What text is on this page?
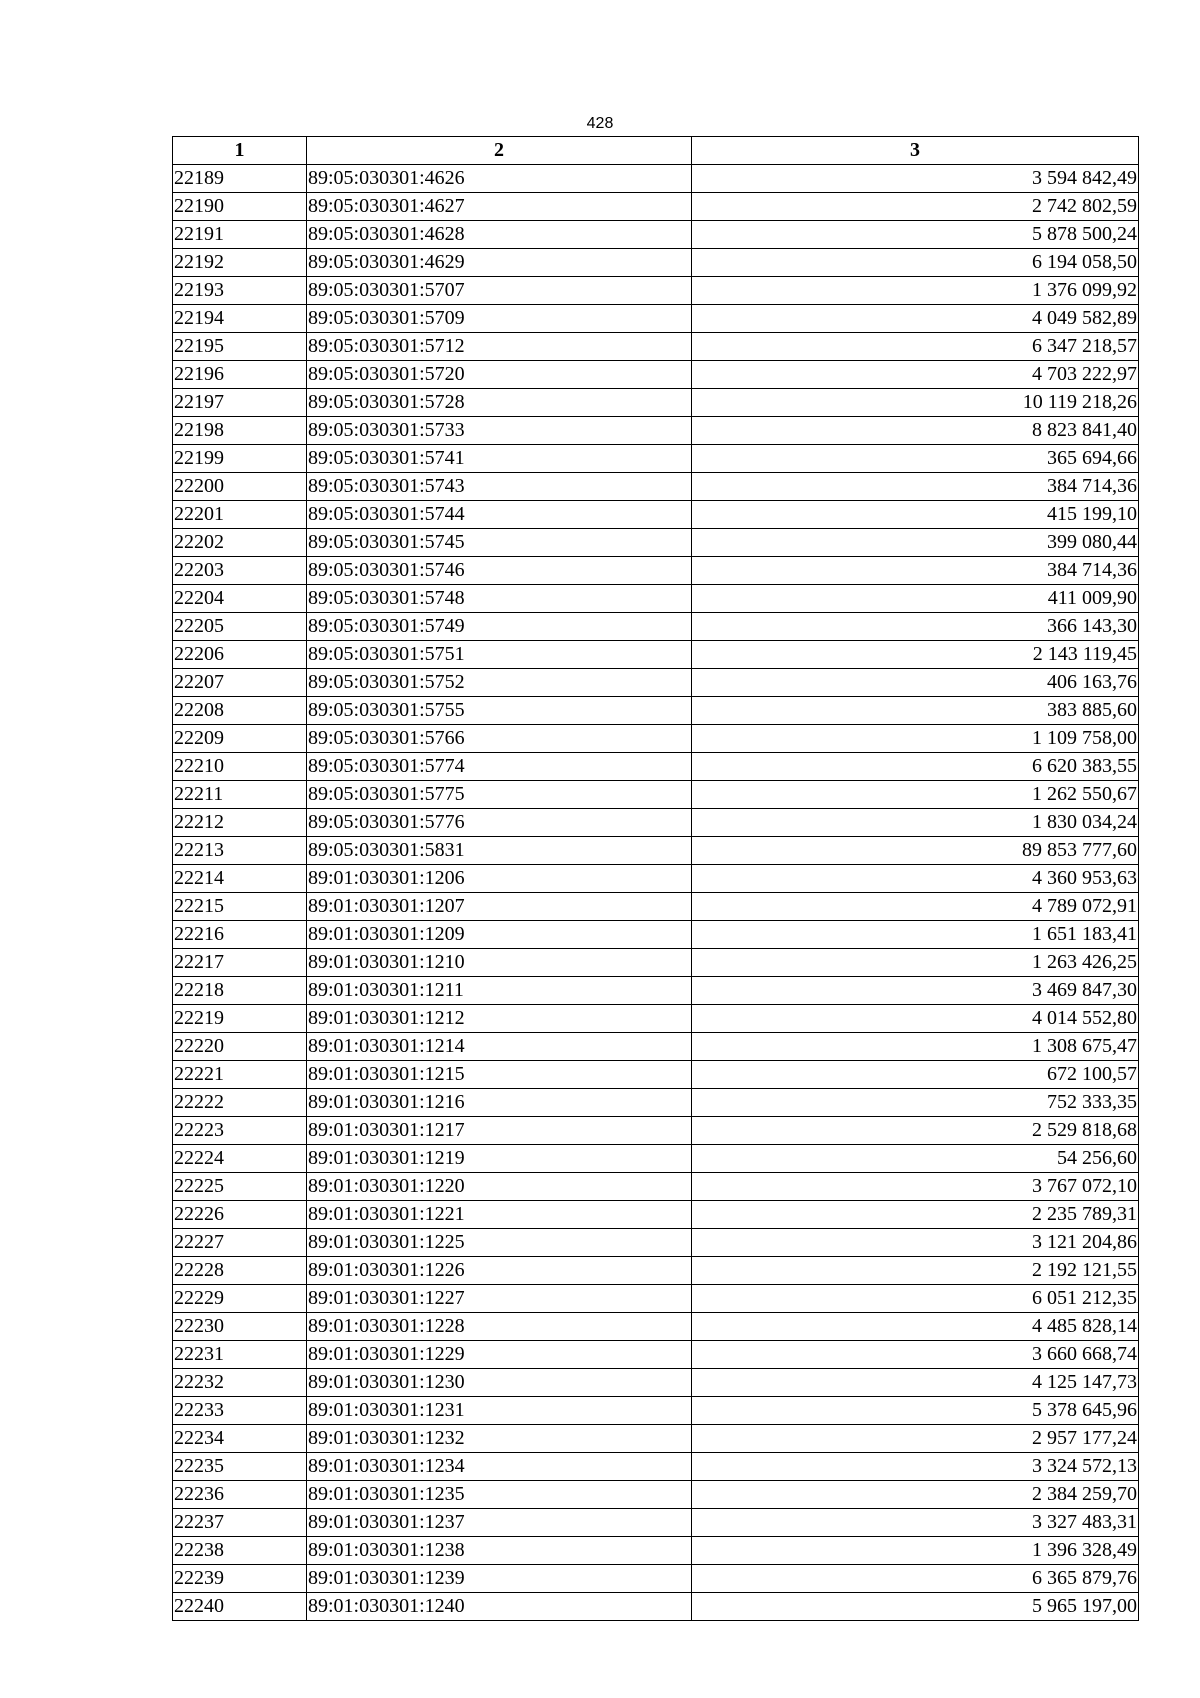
428
1	2	3
22189	89:05:030301:4626	3 594 842,49
22190	89:05:030301:4627	2 742 802,59
22191	89:05:030301:4628	5 878 500,24
22192	89:05:030301:4629	6 194 058,50
22193	89:05:030301:5707	1 376 099,92
22194	89:05:030301:5709	4 049 582,89
22195	89:05:030301:5712	6 347 218,57
22196	89:05:030301:5720	4 703 222,97
22197	89:05:030301:5728	10 119 218,26
22198	89:05:030301:5733	8 823 841,40
22199	89:05:030301:5741	365 694,66
22200	89:05:030301:5743	384 714,36
22201	89:05:030301:5744	415 199,10
22202	89:05:030301:5745	399 080,44
22203	89:05:030301:5746	384 714,36
22204	89:05:030301:5748	411 009,90
22205	89:05:030301:5749	366 143,30
22206	89:05:030301:5751	2 143 119,45
22207	89:05:030301:5752	406 163,76
22208	89:05:030301:5755	383 885,60
22209	89:05:030301:5766	1 109 758,00
22210	89:05:030301:5774	6 620 383,55
22211	89:05:030301:5775	1 262 550,67
22212	89:05:030301:5776	1 830 034,24
22213	89:05:030301:5831	89 853 777,60
22214	89:01:030301:1206	4 360 953,63
22215	89:01:030301:1207	4 789 072,91
22216	89:01:030301:1209	1 651 183,41
22217	89:01:030301:1210	1 263 426,25
22218	89:01:030301:1211	3 469 847,30
22219	89:01:030301:1212	4 014 552,80
22220	89:01:030301:1214	1 308 675,47
22221	89:01:030301:1215	672 100,57
22222	89:01:030301:1216	752 333,35
22223	89:01:030301:1217	2 529 818,68
22224	89:01:030301:1219	54 256,60
22225	89:01:030301:1220	3 767 072,10
22226	89:01:030301:1221	2 235 789,31
22227	89:01:030301:1225	3 121 204,86
22228	89:01:030301:1226	2 192 121,55
22229	89:01:030301:1227	6 051 212,35
22230	89:01:030301:1228	4 485 828,14
22231	89:01:030301:1229	3 660 668,74
22232	89:01:030301:1230	4 125 147,73
22233	89:01:030301:1231	5 378 645,96
22234	89:01:030301:1232	2 957 177,24
22235	89:01:030301:1234	3 324 572,13
22236	89:01:030301:1235	2 384 259,70
22237	89:01:030301:1237	3 327 483,31
22238	89:01:030301:1238	1 396 328,49
22239	89:01:030301:1239	6 365 879,76
22240	89:01:030301:1240	5 965 197,00
